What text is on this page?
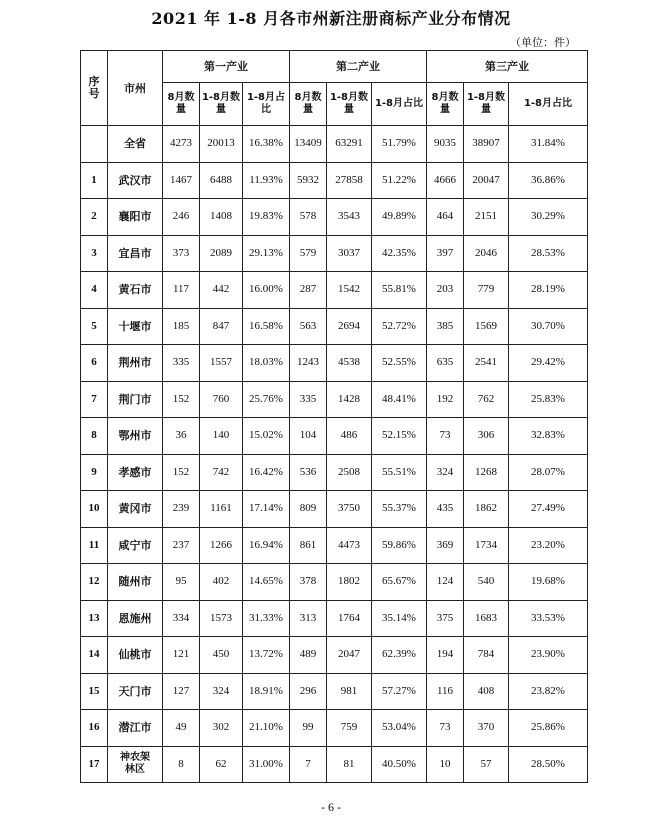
2021 年 1-8 月各市州新注册商标产业分布情况
（单位：件）
序号	市州	第一产业			第二产业			第三产业		
		8月数量	1-8月数量	1-8月占比	8月数量	1-8月数量	1-8月占比	8月数量	1-8月数量	1-8月占比
	全省	4273	20013	16.38%	13409	63291	51.79%	9035	38907	31.84%
1	武汉市	1467	6488	11.93%	5932	27858	51.22%	4666	20047	36.86%
2	襄阳市	246	1408	19.83%	578	3543	49.89%	464	2151	30.29%
3	宜昌市	373	2089	29.13%	579	3037	42.35%	397	2046	28.53%
4	黄石市	117	442	16.00%	287	1542	55.81%	203	779	28.19%
5	十堰市	185	847	16.58%	563	2694	52.72%	385	1569	30.70%
6	荆州市	335	1557	18.03%	1243	4538	52.55%	635	2541	29.42%
7	荆门市	152	760	25.76%	335	1428	48.41%	192	762	25.83%
8	鄂州市	36	140	15.02%	104	486	52.15%	73	306	32.83%
9	孝感市	152	742	16.42%	536	2508	55.51%	324	1268	28.07%
10	黄冈市	239	1161	17.14%	809	3750	55.37%	435	1862	27.49%
11	咸宁市	237	1266	16.94%	861	4473	59.86%	369	1734	23.20%
12	随州市	95	402	14.65%	378	1802	65.67%	124	540	19.68%
13	恩施州	334	1573	31.33%	313	1764	35.14%	375	1683	33.53%
14	仙桃市	121	450	13.72%	489	2047	62.39%	194	784	23.90%
15	天门市	127	324	18.91%	296	981	57.27%	116	408	23.82%
16	潜江市	49	302	21.10%	99	759	53.04%	73	370	25.86%
17	神农架林区	8	62	31.00%	7	81	40.50%	10	57	28.50%
- 6 -
